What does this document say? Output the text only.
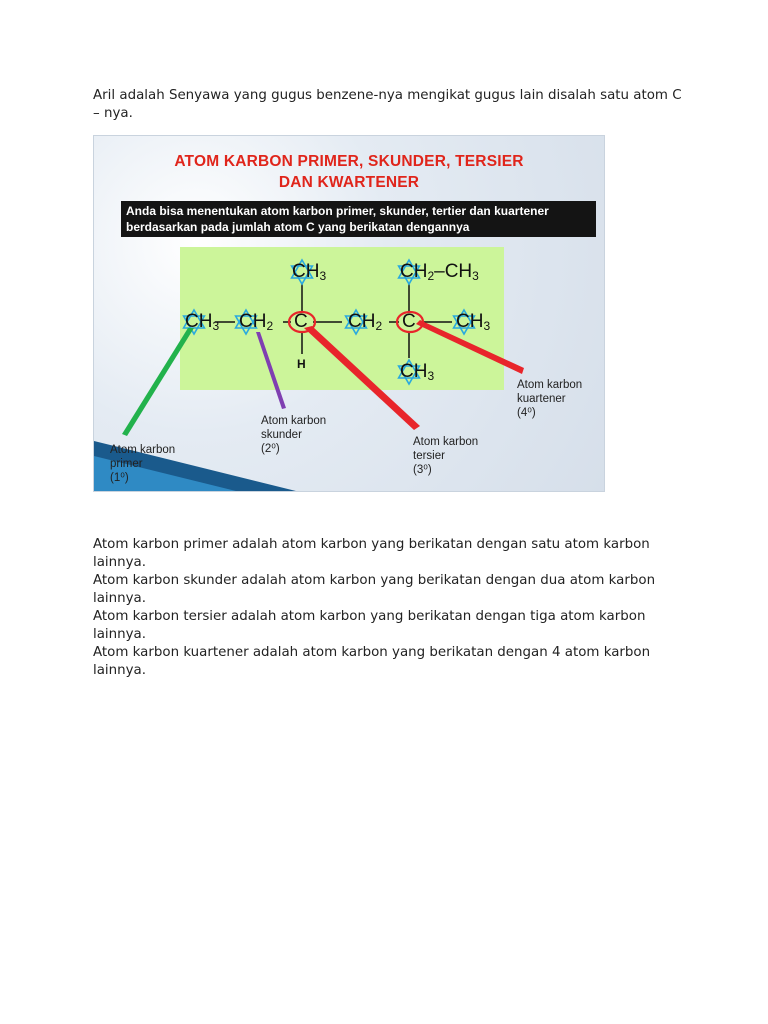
Aril adalah Senyawa yang gugus benzene-nya mengikat gugus lain disalah satu atom C – nya.

ATOM KARBON PRIMER, SKUNDER, TERSIER
DAN KWARTENER
Anda bisa menentukan atom karbon primer, skunder, tertier dan kuartener berdasarkan pada jumlah atom C yang berikatan dengannya
$CH_3$ $CH_2$ C $CH_2$ C $CH_3$
$CH_3$	$CH_2-CH_3$
$CH_3$
H
Atom karbon
primer
(1⁰)
Atom karbon
skunder
(2⁰)
Atom karbon
tersier
(3⁰)
Atom karbon
kuartener
(4⁰)

Atom karbon primer adalah atom karbon yang berikatan dengan satu atom karbon lainnya.

Atom karbon skunder adalah atom karbon yang berikatan dengan dua atom karbon lainnya.

Atom karbon tersier adalah atom karbon yang berikatan dengan tiga atom karbon lainnya.

Atom karbon kuartener adalah atom karbon yang berikatan dengan 4 atom karbon lainnya.
